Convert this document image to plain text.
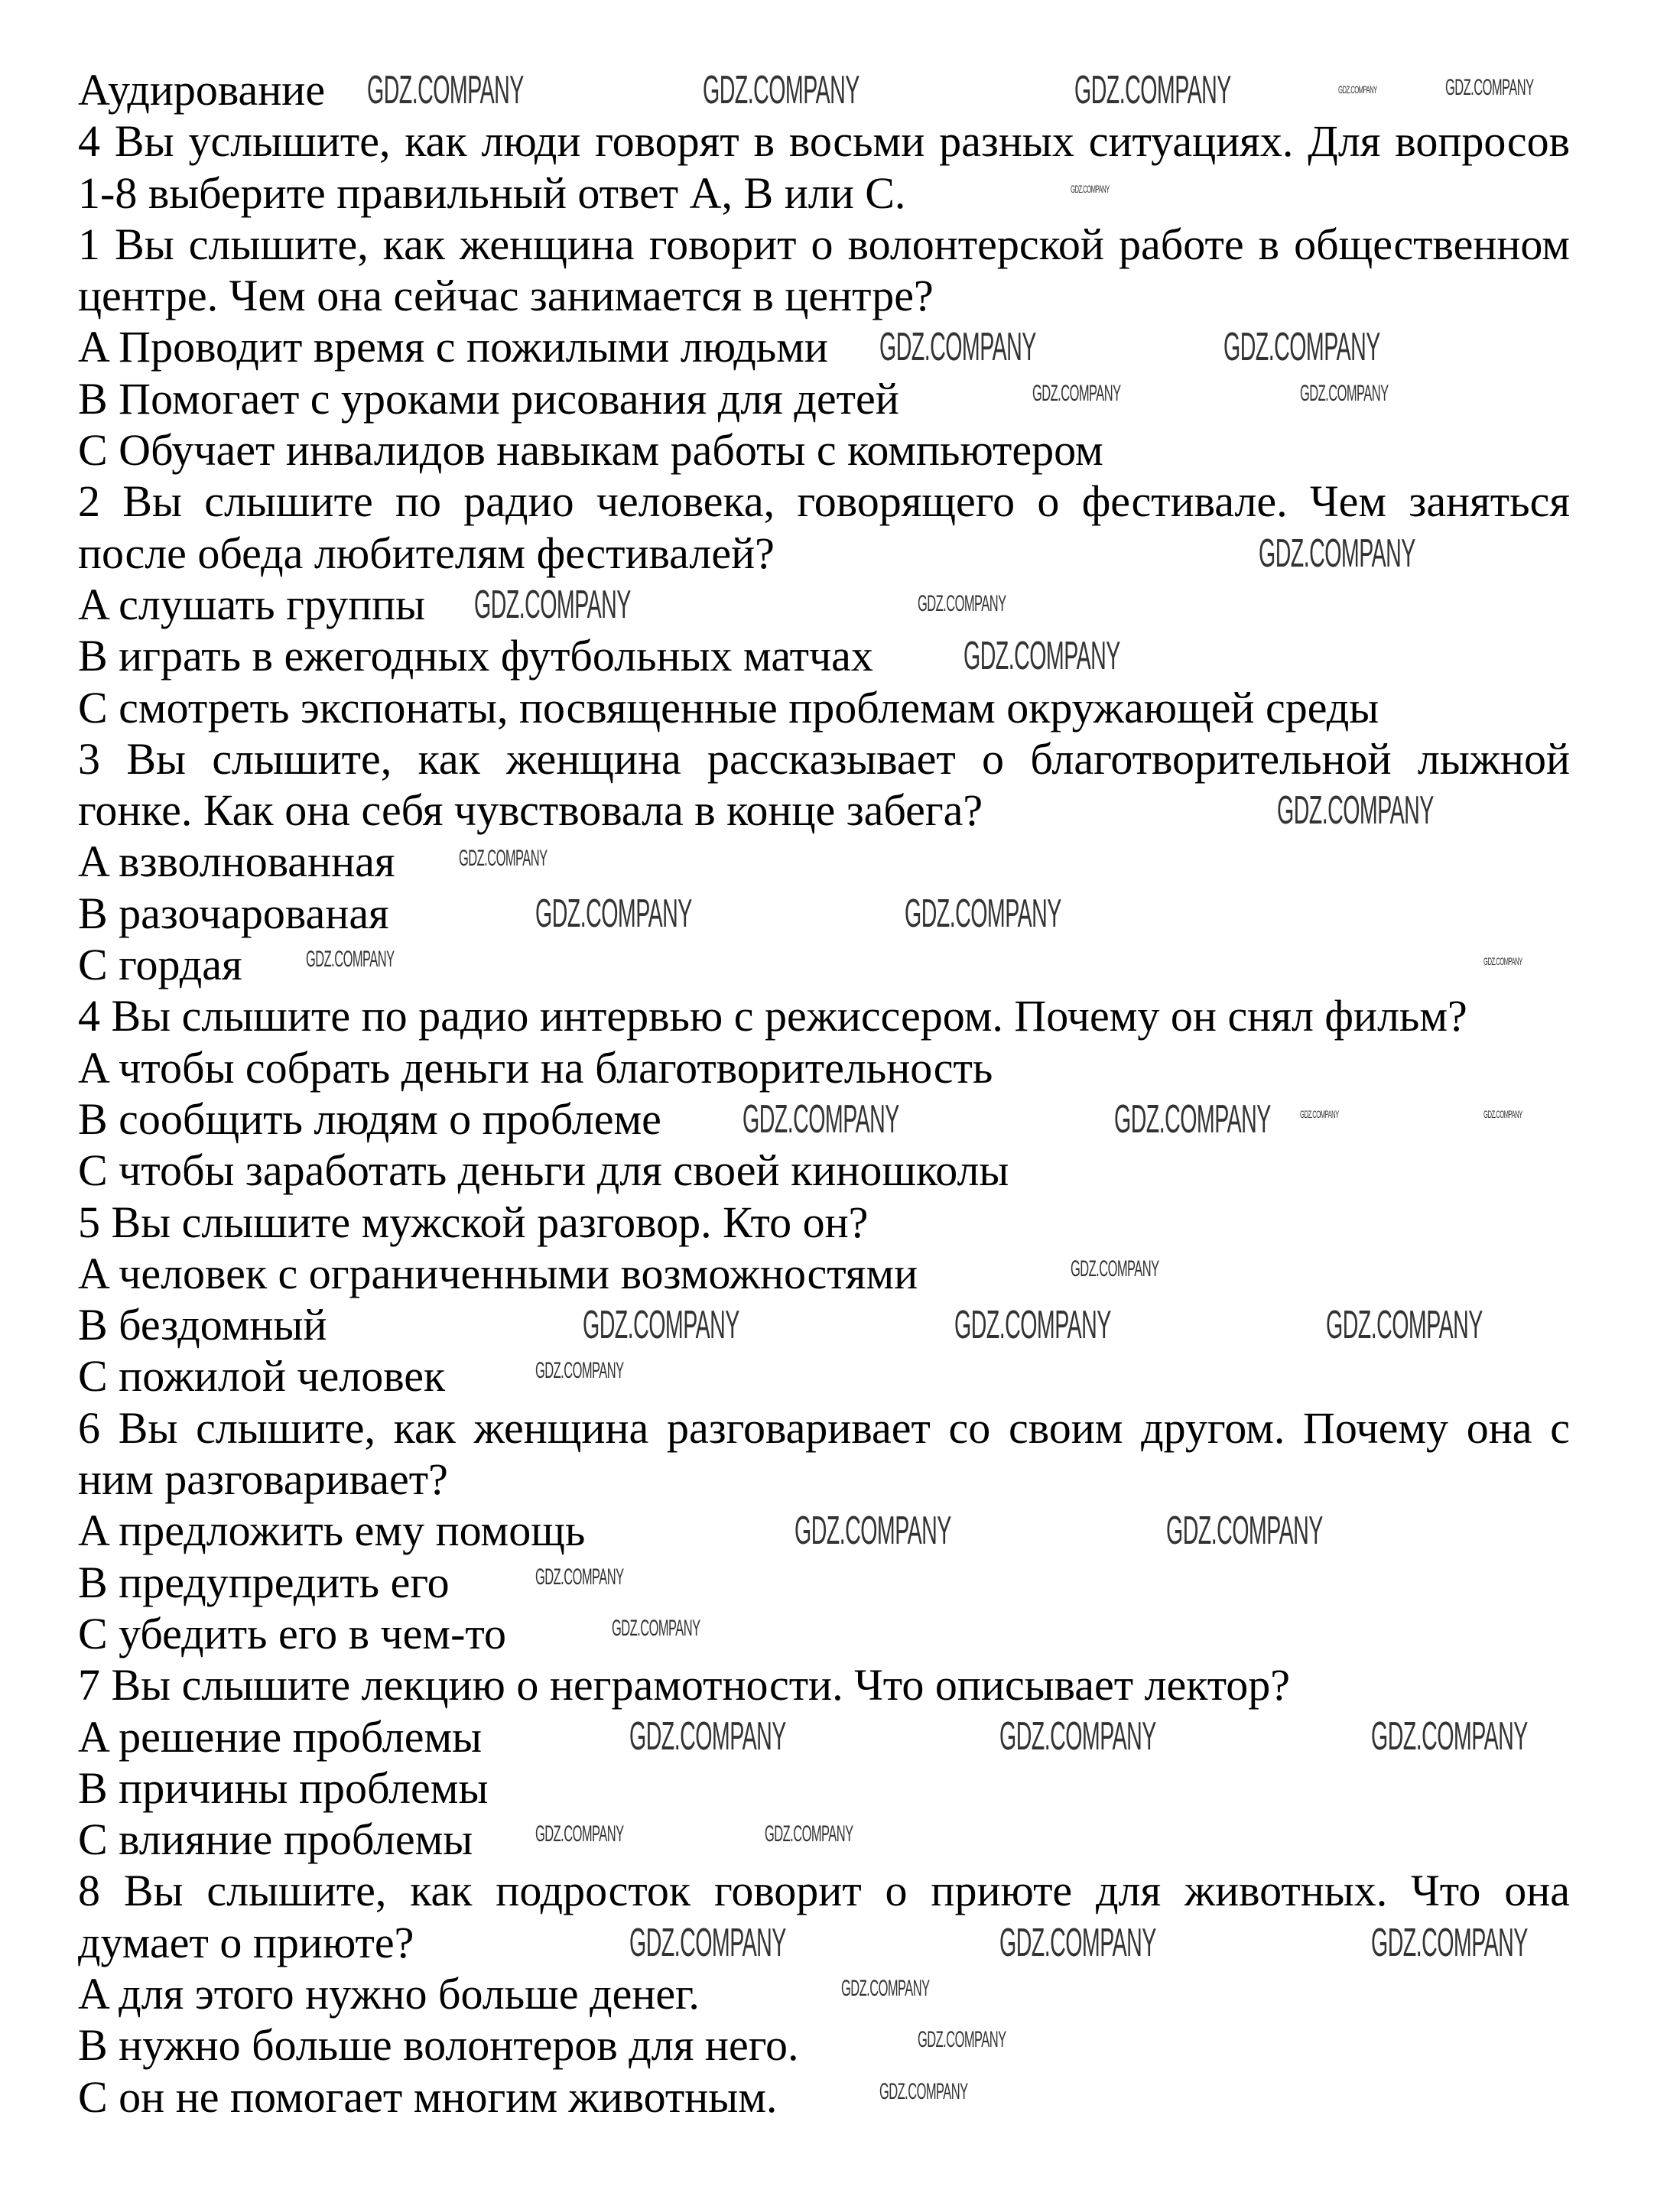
Аудирование
4 Вы услышите, как люди говорят в восьми разных ситуациях. Для вопросов
1-8 выберите правильный ответ A, B или C.
1 Вы слышите, как женщина говорит о волонтерской работе в общественном
центре. Чем она сейчас занимается в центре?
A Проводит время с пожилыми людьми
B Помогает с уроками рисования для детей
C Обучает инвалидов навыкам работы с компьютером
2 Вы слышите по радио человека, говорящего о фестивале. Чем заняться
после обеда любителям фестивалей?
A слушать группы
B играть в ежегодных футбольных матчах
C смотреть экспонаты, посвященные проблемам окружающей среды
3 Вы слышите, как женщина рассказывает о благотворительной лыжной
гонке. Как она себя чувствовала в конце забега?
A взволнованная
B разочарованая
C гордая
4 Вы слышите по радио интервью с режиссером. Почему он снял фильм?
A чтобы собрать деньги на благотворительность
B сообщить людям о проблеме
C чтобы заработать деньги для своей киношколы
5 Вы слышите мужской разговор. Кто он?
A человек с ограниченными возможностями
B бездомный
C пожилой человек
6 Вы слышите, как женщина разговаривает со своим другом. Почему она с
ним разговаривает?
A предложить ему помощь
B предупредить его
C убедить его в чем-то
7 Вы слышите лекцию о неграмотности. Что описывает лектор?
A решение проблемы
B причины проблемы
C влияние проблемы
8 Вы слышите, как подросток говорит о приюте для животных. Что она
думает о приюте?
A для этого нужно больше денег.
B нужно больше волонтеров для него.
C он не помогает многим животным.
GDZ.COMPANY	GDZ.COMPANY	GDZ.COMPANY	GDZ.COMPANY
GDZ.COMPANY
GDZ.COMPANY
GDZ.COMPANY	GDZ.COMPANY
GDZ.COMPANY	GDZ.COMPANY
GDZ.COMPANY
GDZ.COMPANY
GDZ.COMPANY
GDZ.COMPANY
GDZ.COMPANY
GDZ.COMPANY
GDZ.COMPANY	GDZ.COMPANY
GDZ.COMPANY	GDZ.COMPANY
GDZ.COMPANY
GDZ.COMPANY
GDZ.COMPANY	GDZ.COMPANY
GDZ.COMPANY
GDZ.COMPANY	GDZ.COMPANY	GDZ.COMPANY
GDZ.COMPANY
GDZ.COMPANY	GDZ.COMPANY
GDZ.COMPANY
GDZ.COMPANY
GDZ.COMPANY	GDZ.COMPANY	GDZ.COMPANY
GDZ.COMPANY	GDZ.COMPANY
GDZ.COMPANY	GDZ.COMPANY	GDZ.COMPANY
GDZ.COMPANY
GDZ.COMPANY
GDZ.COMPANY
